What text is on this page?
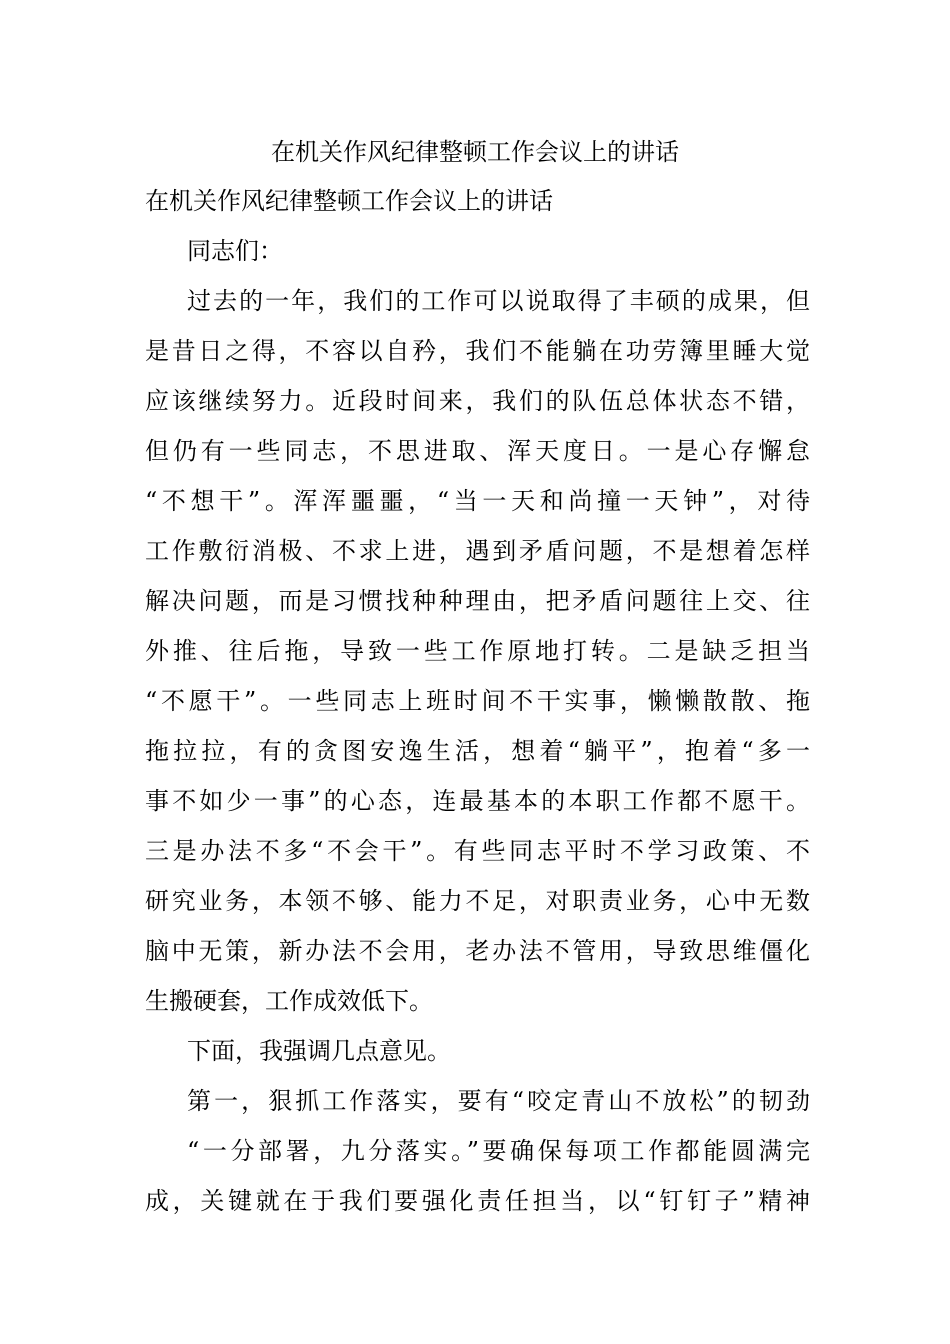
在机关作风纪律整顿工作会议上的讲话
在机关作风纪律整顿工作会议上的讲话
同志们：
过去的一年，我们的工作可以说取得了丰硕的成果，但
是昔日之得，不容以自矜，我们不能躺在功劳簿里睡大觉
应该继续努力。近段时间来，我们的队伍总体状态不错，
但仍有一些同志，不思进取、浑天度日。一是心存懈怠
“不想干”。浑浑噩噩，“当一天和尚撞一天钟”，对待
工作敷衍消极、不求上进，遇到矛盾问题，不是想着怎样
解决问题，而是习惯找种种理由，把矛盾问题往上交、往
外推、往后拖，导致一些工作原地打转。二是缺乏担当
“不愿干”。一些同志上班时间不干实事，懒懒散散、拖
拖拉拉，有的贪图安逸生活，想着“躺平”，抱着“多一
事不如少一事”的心态，连最基本的本职工作都不愿干。
三是办法不多“不会干”。有些同志平时不学习政策、不
研究业务，本领不够、能力不足，对职责业务，心中无数
脑中无策，新办法不会用，老办法不管用，导致思维僵化
生搬硬套，工作成效低下。
下面，我强调几点意见。
第一，狠抓工作落实，要有“咬定青山不放松”的韧劲
“一分部署，九分落实。”要确保每项工作都能圆满完
成，关键就在于我们要强化责任担当，以“钉钉子”精神
